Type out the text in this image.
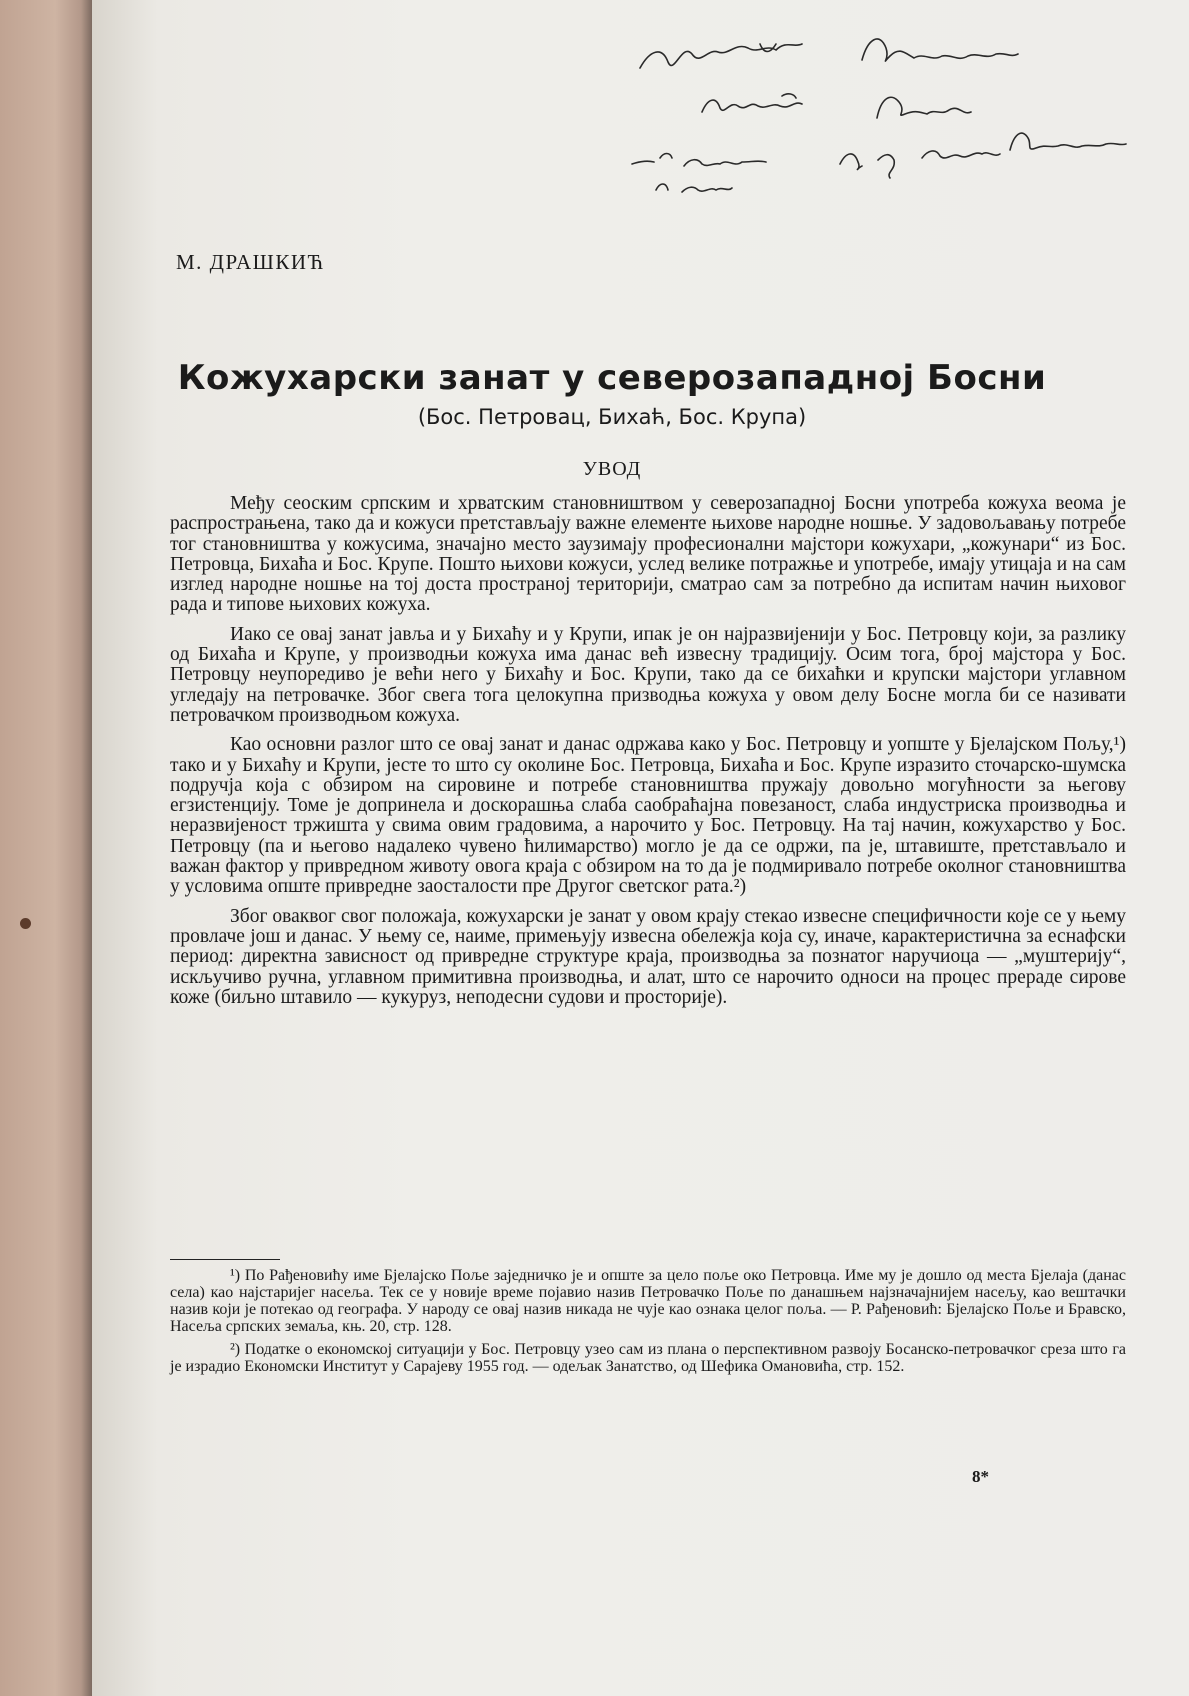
М. ДРАШКИЋ
Кожухарски занат у северозападној Босни
(Бос. Петровац, Бихаћ, Бос. Крупа)
УВОД

Међу сеоским српским и хрватским становништвом у северозападној Босни употреба кожуха веома је распрострањена, тако да и кожуси претстављају важне елементе њихове народне ношње. У задовољавању потребе тог становништва у кожусима, значајно место заузимају професионални мајстори кожухари, „кожунари“ из Бос. Петровца, Бихаћа и Бос. Крупе. Пошто њихови кожуси, услед велике потражње и употребе, имају утицаја и на сам изглед народне ношње на тој доста пространој територији, сматрао сам за потребно да испитам начин њиховог рада и типове њихових кожуха.

Иако се овај занат јавља и у Бихаћу и у Крупи, ипак је он најразвијенији у Бос. Петровцу који, за разлику од Бихаћа и Крупе, у производњи кожуха има данас већ извесну традицију. Осим тога, број мајстора у Бос. Петровцу неупоредиво је већи него у Бихаћу и Бос. Крупи, тако да се бихаћки и крупски мајстори углавном угледају на петровачке. Због свега тога целокупна призводња кожуха у овом делу Босне могла би се називати петровачком производњом кожуха.

Као основни разлог што се овај занат и данас одржава како у Бос. Петровцу и уопште у Бјелајском Пољу,¹) тако и у Бихаћу и Крупи, јесте то што су околине Бос. Петровца, Бихаћа и Бос. Крупе изразито сточарско-шумска подручја која с обзиром на сировине и потребе становништва пружају довољно могућности за његову егзистенцију. Томе је допринела и доскорашња слаба саобраћајна повезаност, слаба индустриска производња и неразвијеност тржишта у свима овим градовима, а нарочито у Бос. Петровцу. На тај начин, кожухарство у Бос. Петровцу (па и његово надалеко чувено ћилимарство) могло је да се одржи, па је, штавиште, претстављало и важан фактор у привредном животу овога краја с обзиром на то да је подмиривало потребе околног становништва у условима опште привредне заосталости пре Другог светског рата.²)

Због оваквог свог положаја, кожухарски је занат у овом крају стекао извесне специфичности које се у њему провлаче још и данас. У њему се, наиме, примењују извесна обележја која су, иначе, карактеристична за еснафски период: директна зависност од привредне структуре краја, производња за познатог наручиоца — „муштерију“, искључиво ручна, углавном примитивна производња, и алат, што се нарочито односи на процес прераде сирове коже (биљно штавило — кукуруз, неподесни судови и просторије).

¹) По Рађеновићу име Бјелајско Поље заједничко је и опште за цело поље око Петровца. Име му је дошло од места Бјелаја (данас села) као најстаријег насеља. Тек се у новије време појавио назив Петровачко Поље по данашњем најзначајнијем насељу, као вештачки назив који је потекао од географа. У народу се овај назив никада не чује као ознака целог поља. — Р. Рађеновић: Бјелајско Поље и Бравско, Насеља српских земаља, књ. 20, стр. 128.

²) Податке о економској ситуацији у Бос. Петровцу узео сам из плана о перспективном развоју Босанско-петровачког среза што га је израдио Економски Институт у Сарајеву 1955 год. — одељак Занатство, од Шефика Омановића, стр. 152.

8*
